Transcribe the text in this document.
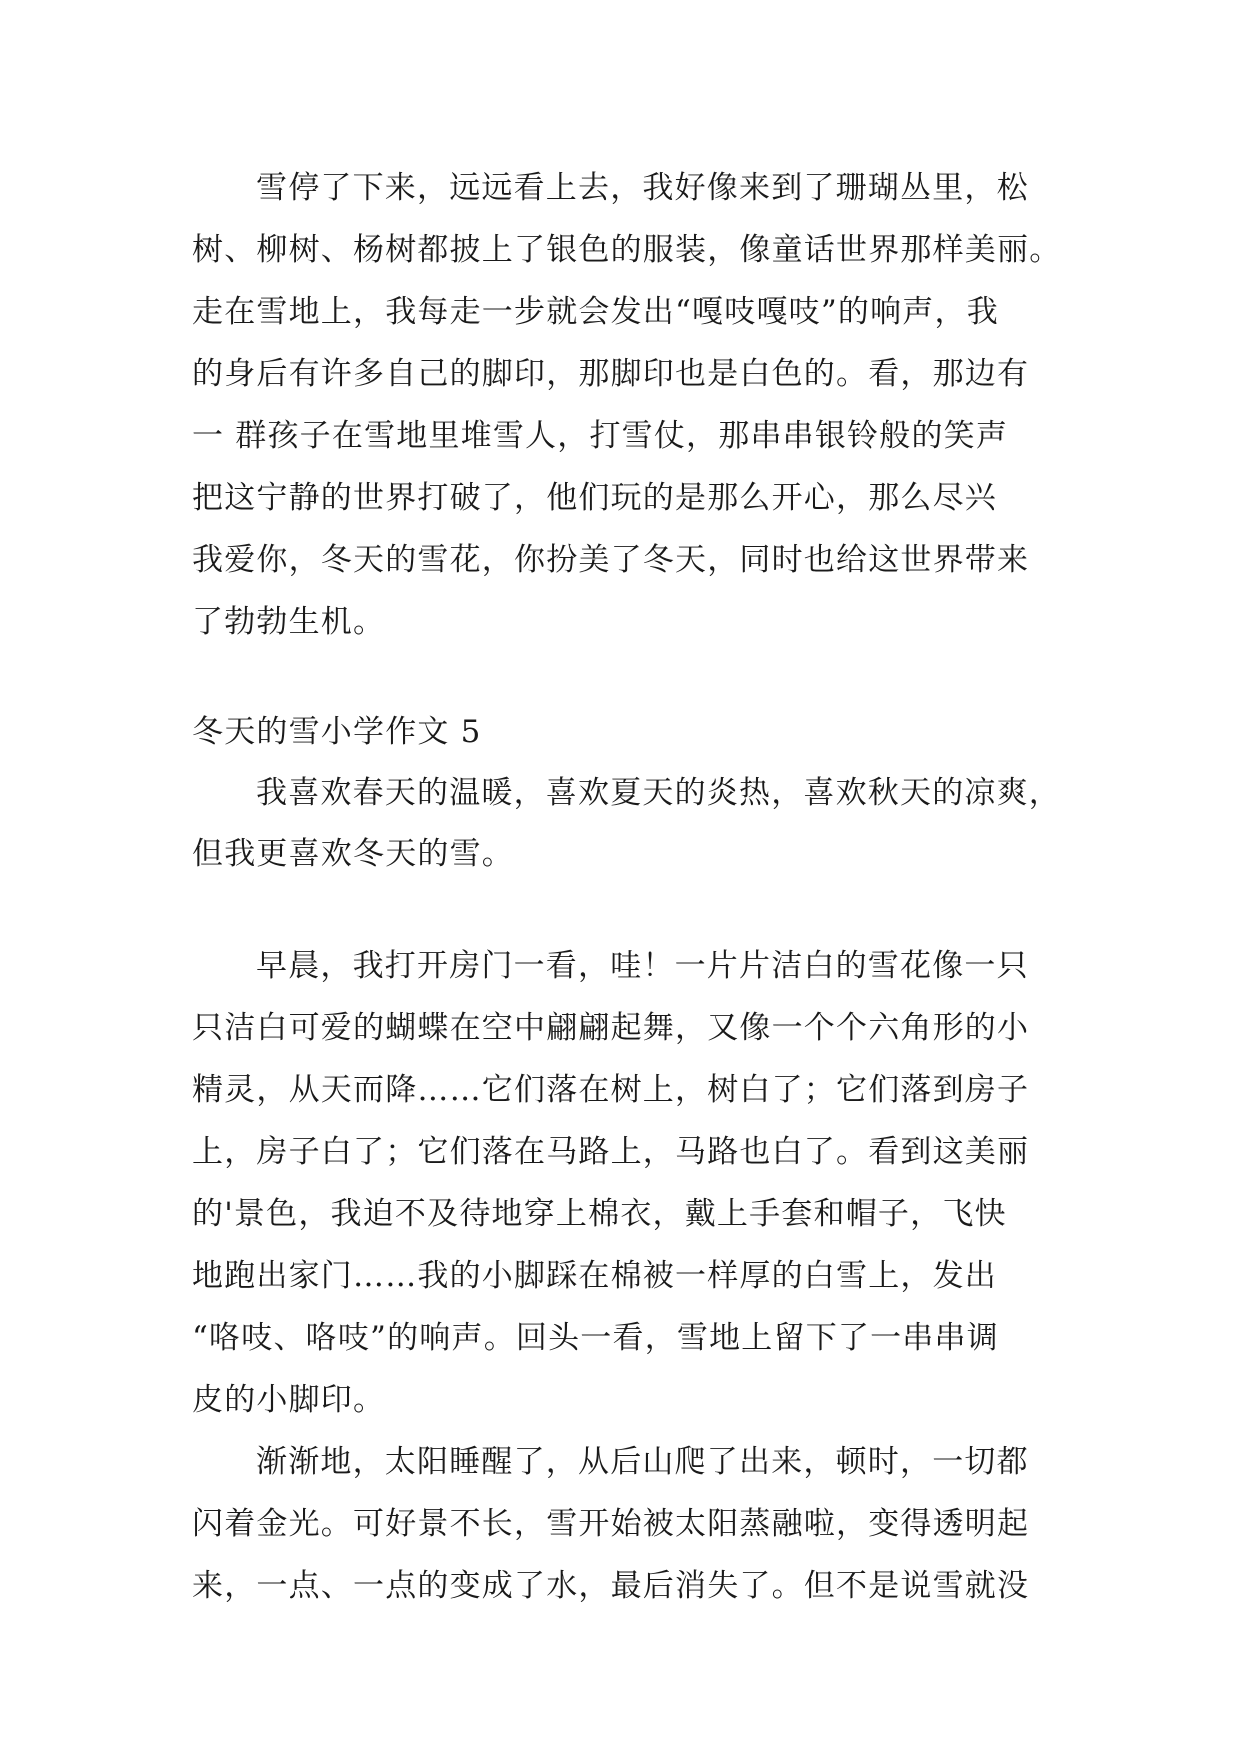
雪停了下来，远远看上去，我好像来到了珊瑚丛里，松
树、柳树、杨树都披上了银色的服装，像童话世界那样美丽。
走在雪地上，我每走一步就会发出“嘎吱嘎吱”的响声，我
的身后有许多自己的脚印，那脚印也是白色的。看，那边有
一 群孩子在雪地里堆雪人，打雪仗，那串串银铃般的笑声
把这宁静的世界打破了，他们玩的是那么开心，那么尽兴
我爱你，冬天的雪花，你扮美了冬天，同时也给这世界带来
了勃勃生机。
冬天的雪小学作文 5
我喜欢春天的温暖，喜欢夏天的炎热，喜欢秋天的凉爽，
但我更喜欢冬天的雪。
早晨，我打开房门一看，哇！一片片洁白的雪花像一只
只洁白可爱的蝴蝶在空中翩翩起舞，又像一个个六角形的小
精灵，从天而降……它们落在树上，树白了；它们落到房子
上，房子白了；它们落在马路上，马路也白了。看到这美丽
的'景色，我迫不及待地穿上棉衣，戴上手套和帽子，飞快
地跑出家门……我的小脚踩在棉被一样厚的白雪上，发出
“咯吱、咯吱”的响声。回头一看，雪地上留下了一串串调
皮的小脚印。
渐渐地，太阳睡醒了，从后山爬了出来，顿时，一切都
闪着金光。可好景不长，雪开始被太阳蒸融啦，变得透明起
来，一点、一点的变成了水，最后消失了。但不是说雪就没
